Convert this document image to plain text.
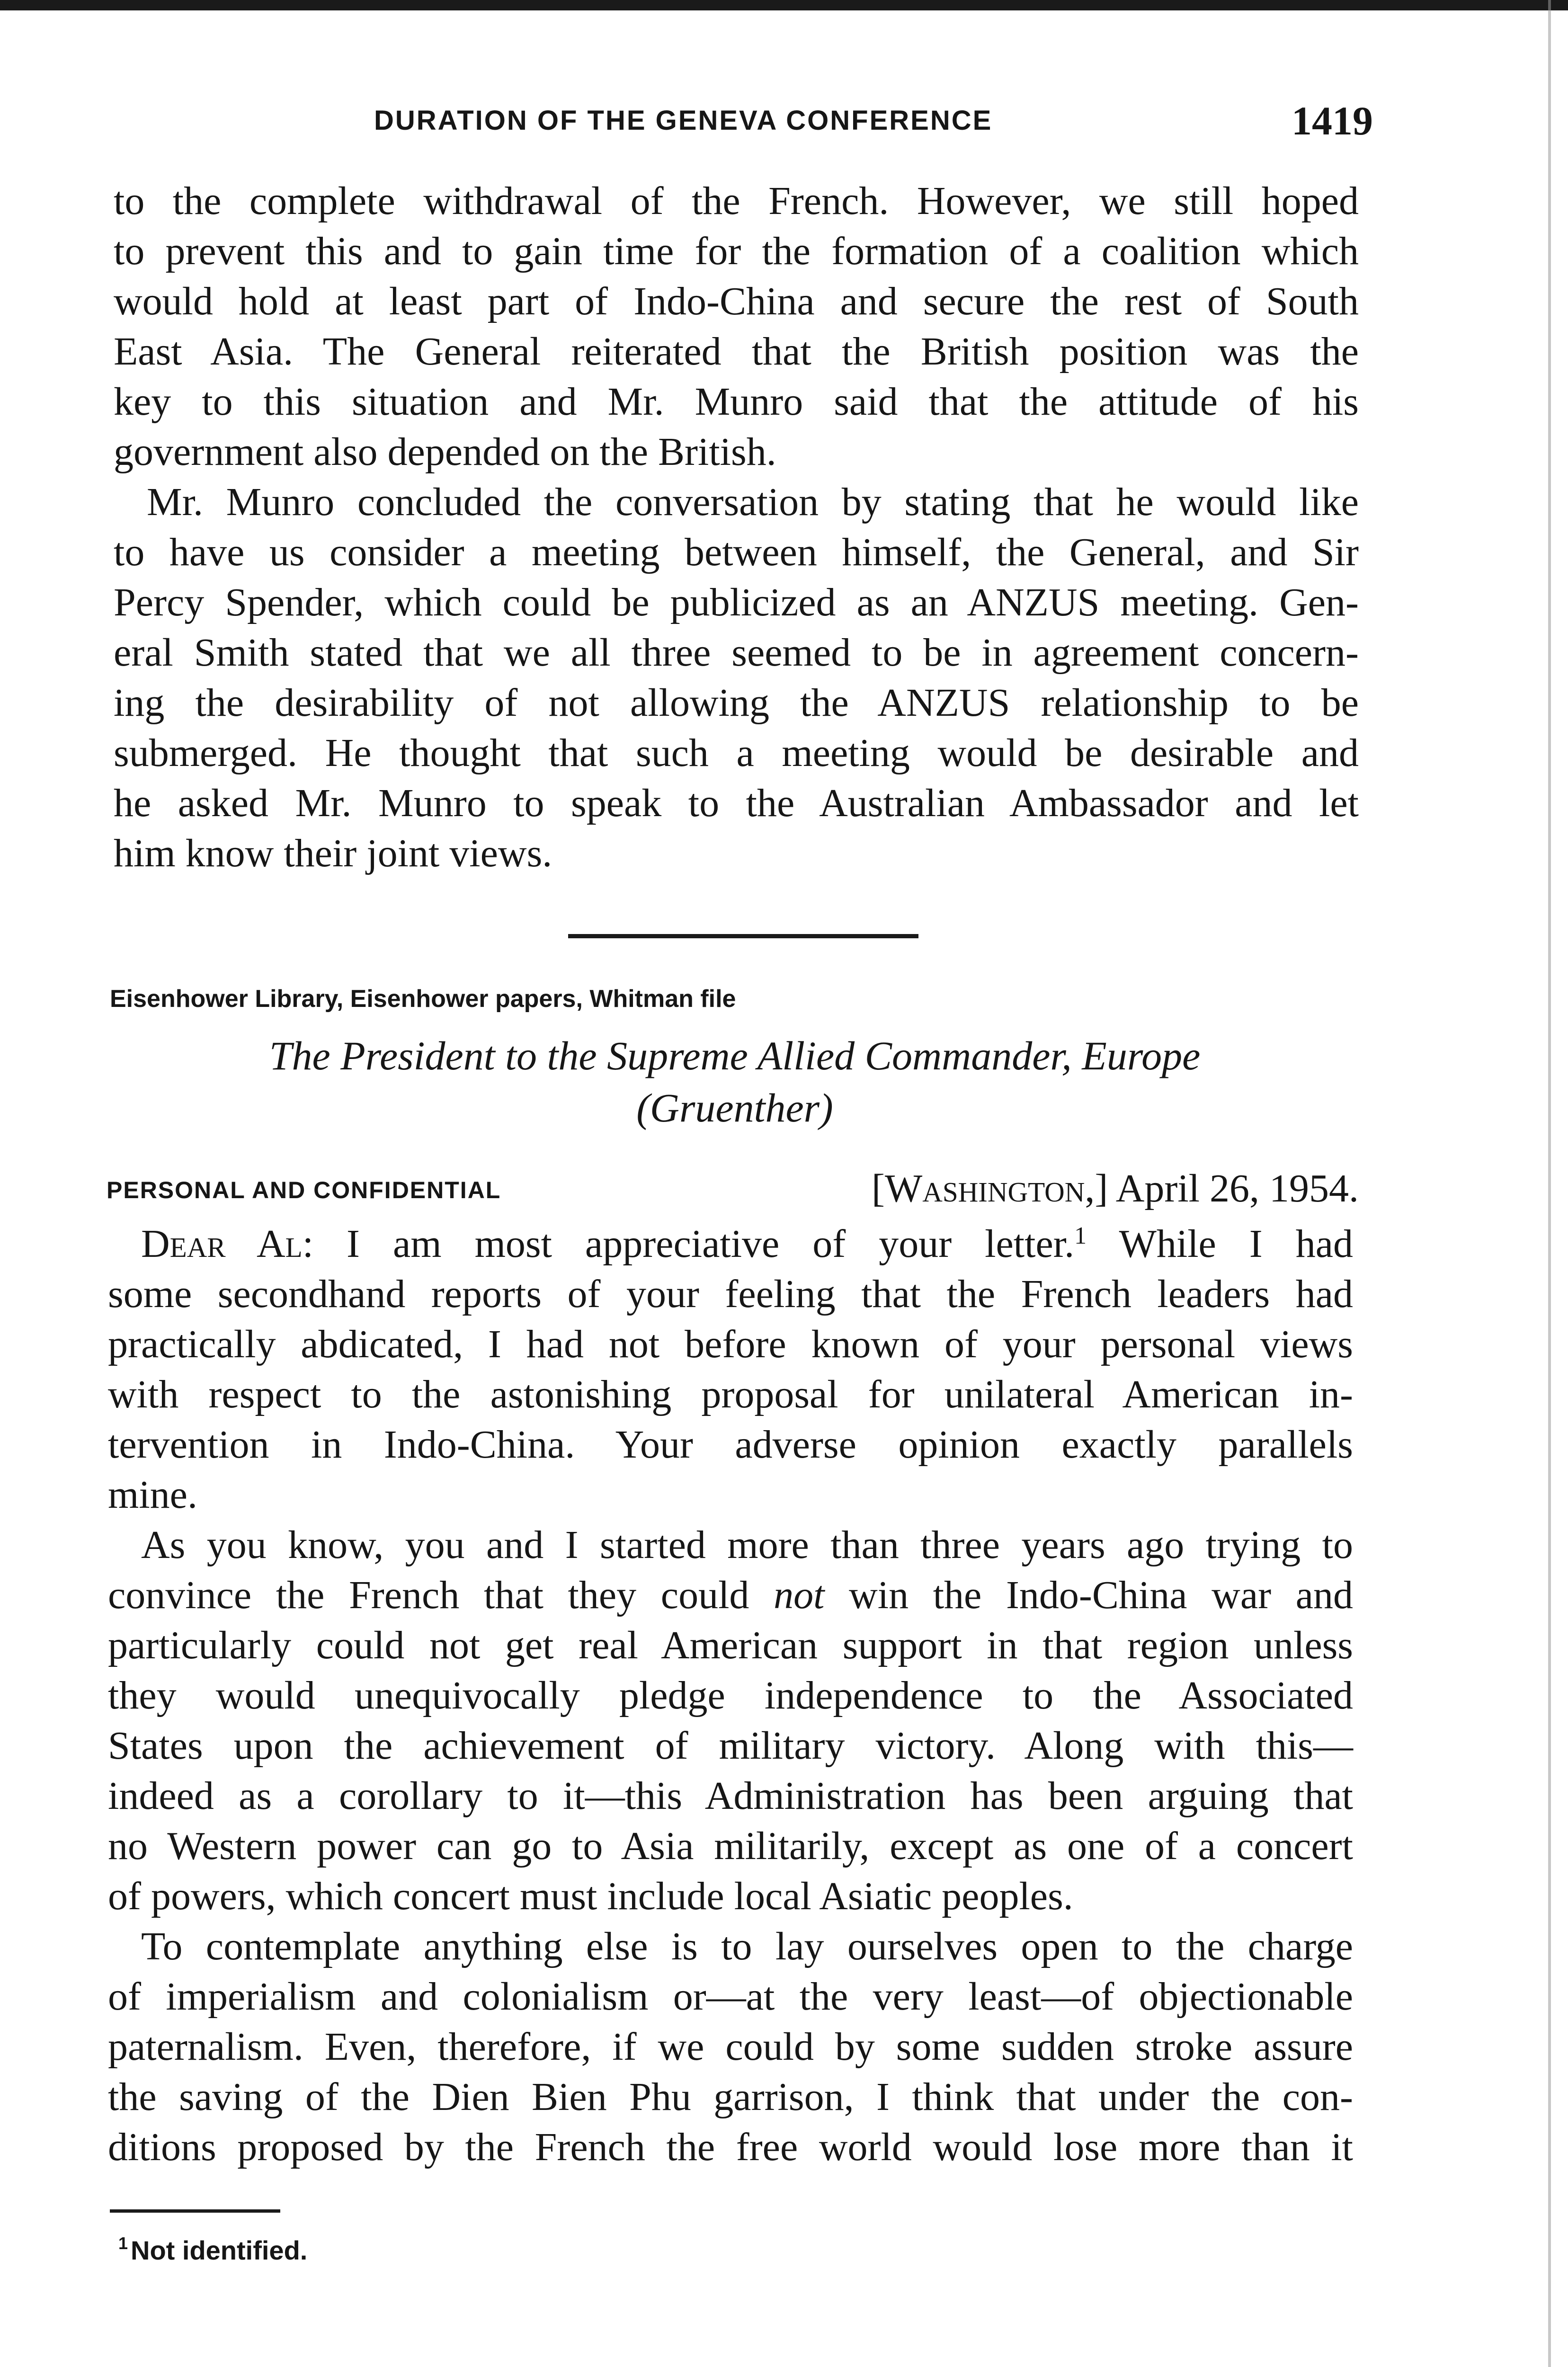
DURATION OF THE GENEVA CONFERENCE	1419
to the complete withdrawal of the French. However, we still hoped
to prevent this and to gain time for the formation of a coalition which
would hold at least part of Indo-China and secure the rest of South
East Asia. The General reiterated that the British position was the
key to this situation and Mr. Munro said that the attitude of his
government also depended on the British.
Mr. Munro concluded the conversation by stating that he would like
to have us consider a meeting between himself, the General, and Sir
Percy Spender, which could be publicized as an ANZUS meeting. Gen-
eral Smith stated that we all three seemed to be in agreement concern-
ing the desirability of not allowing the ANZUS relationship to be
submerged. He thought that such a meeting would be desirable and
he asked Mr. Munro to speak to the Australian Ambassador and let
him know their joint views.
Eisenhower Library, Eisenhower papers, Whitman file
The President to the Supreme Allied Commander, Europe
(Gruenther)
PERSONAL AND CONFIDENTIAL	[Washington,] April 26, 1954.
Dear Al: I am most appreciative of your letter.$^1$ While I had
some secondhand reports of your feeling that the French leaders had
practically abdicated, I had not before known of your personal views
with respect to the astonishing proposal for unilateral American in-
tervention in Indo-China. Your adverse opinion exactly parallels
mine.
As you know, you and I started more than three years ago trying to
convince the French that they could not win the Indo-China war and
particularly could not get real American support in that region unless
they would unequivocally pledge independence to the Associated
States upon the achievement of military victory. Along with this—
indeed as a corollary to it—this Administration has been arguing that
no Western power can go to Asia militarily, except as one of a concert
of powers, which concert must include local Asiatic peoples.
To contemplate anything else is to lay ourselves open to the charge
of imperialism and colonialism or—at the very least—of objectionable
paternalism. Even, therefore, if we could by some sudden stroke assure
the saving of the Dien Bien Phu garrison, I think that under the con-
ditions proposed by the French the free world would lose more than it
$^1$ Not identified.
